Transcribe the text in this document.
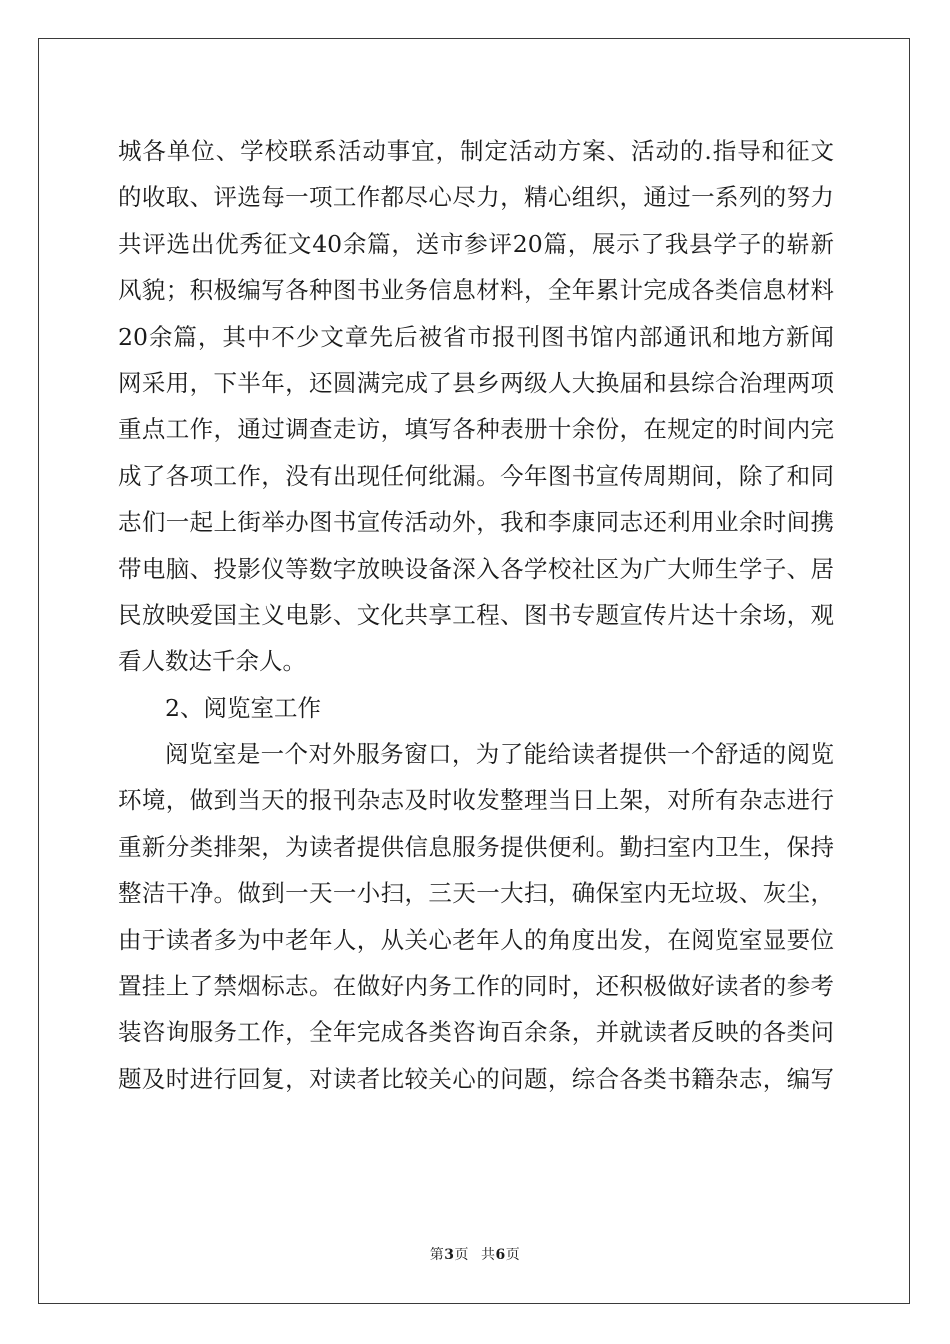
城各单位、学校联系活动事宜，制定活动方案、活动的.指导和征文
的收取、评选每一项工作都尽心尽力，精心组织，通过一系列的努力
共评选出优秀征文40余篇，送市参评20篇，展示了我县学子的崭新
风貌；积极编写各种图书业务信息材料，全年累计完成各类信息材料
20余篇，其中不少文章先后被省市报刊图书馆内部通讯和地方新闻
网采用，下半年，还圆满完成了县乡两级人大换届和县综合治理两项
重点工作，通过调查走访，填写各种表册十余份，在规定的时间内完
成了各项工作，没有出现任何纰漏。今年图书宣传周期间，除了和同
志们一起上街举办图书宣传活动外，我和李康同志还利用业余时间携
带电脑、投影仪等数字放映设备深入各学校社区为广大师生学子、居
民放映爱国主义电影、文化共享工程、图书专题宣传片达十余场，观
看人数达千余人。
2、阅览室工作
阅览室是一个对外服务窗口，为了能给读者提供一个舒适的阅览
环境，做到当天的报刊杂志及时收发整理当日上架，对所有杂志进行
重新分类排架，为读者提供信息服务提供便利。勤扫室内卫生，保持
整洁干净。做到一天一小扫，三天一大扫，确保室内无垃圾、灰尘，
由于读者多为中老年人，从关心老年人的角度出发，在阅览室显要位
置挂上了禁烟标志。在做好内务工作的同时，还积极做好读者的参考
装咨询服务工作，全年完成各类咨询百余条，并就读者反映的各类问
题及时进行回复，对读者比较关心的问题，综合各类书籍杂志，编写
第3页 共6页
